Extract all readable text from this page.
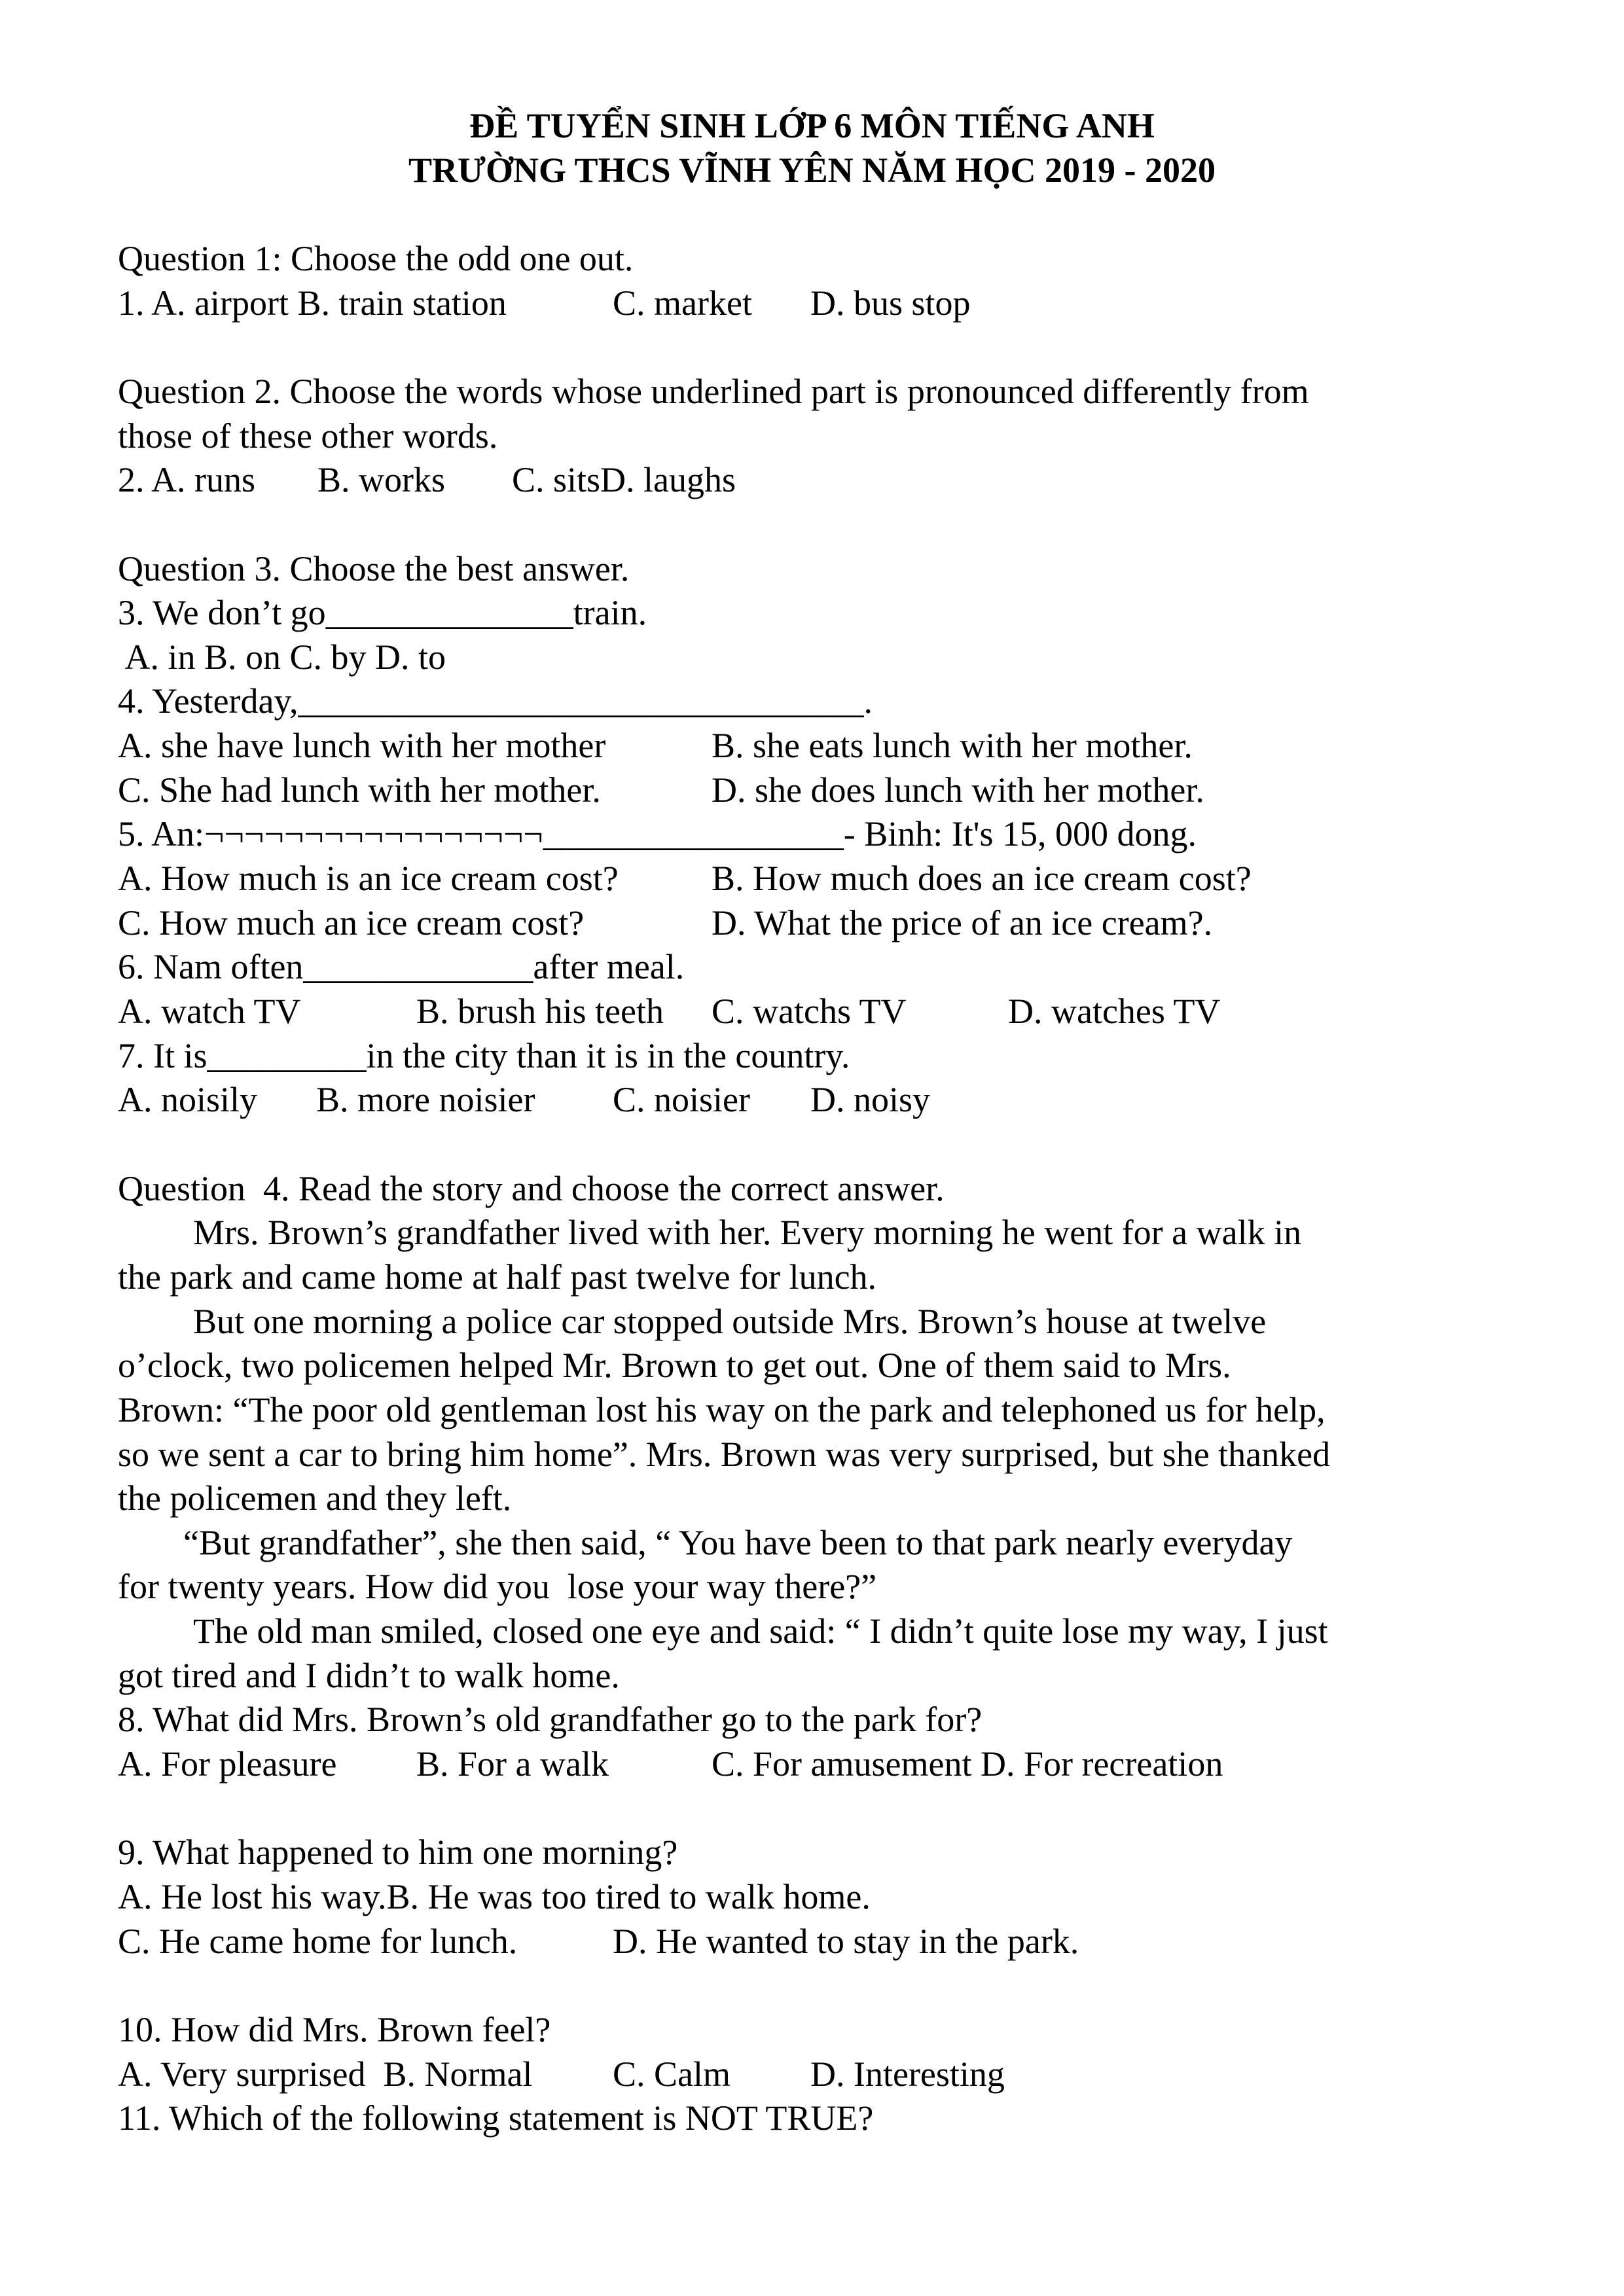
ĐỀ TUYỂN SINH LỚP 6 MÔN TIẾNG ANH
TRƯỜNG THCS VĨNH YÊN NĂM HỌC 2019 - 2020
Question 1: Choose the odd one out.
1. A. airport B. train station	C. market D. bus stop
Question 2. Choose the words whose underlined part is pronounced differently from
those of these other words.
2. A. runs B. works C. sitsD. laughs
Question 3. Choose the best answer.
3. We don’t go______________train.
A. in B. on C. by D. to
4. Yesterday,________________________________.
A. she have lunch with her mother	B. she eats lunch with her mother.
C. She had lunch with her mother.	D. she does lunch with her mother.
5. An:¬¬¬¬¬¬¬¬¬¬¬¬¬¬¬¬¬_________________- Binh: It's 15, 000 dong.
A. How much is an ice cream cost?	B. How much does an ice cream cost?
C. How much an ice cream cost?	D. What the price of an ice cream?.
6. Nam often_____________after meal.
A. watch TV	B. brush his teeth C. watchs TV	D. watches TV
7. It is_________in the city than it is in the country.
A. noisily B. more noisier C. noisier D. noisy
Question  4. Read the story and choose the correct answer.
Mrs. Brown’s grandfather lived with her. Every morning he went for a walk in
the park and came home at half past twelve for lunch.
But one morning a police car stopped outside Mrs. Brown’s house at twelve
o’clock, two policemen helped Mr. Brown to get out. One of them said to Mrs.
Brown: “The poor old gentleman lost his way on the park and telephoned us for help,
so we sent a car to bring him home”. Mrs. Brown was very surprised, but she thanked
the policemen and they left.
“But grandfather”, she then said, “ You have been to that park nearly everyday
for twenty years. How did you  lose your way there?”
The old man smiled, closed one eye and said: “ I didn’t quite lose my way, I just
got tired and I didn’t to walk home.
8. What did Mrs. Brown’s old grandfather go to the park for?
A. For pleasure B. For a walk	C. For amusement D. For recreation
9. What happened to him one morning?
A. He lost his way.B. He was too tired to walk home.
C. He came home for lunch.	D. He wanted to stay in the park.
10. How did Mrs. Brown feel?
A. Very surprised  B. Normal C. Calm D. Interesting
11. Which of the following statement is NOT TRUE?
